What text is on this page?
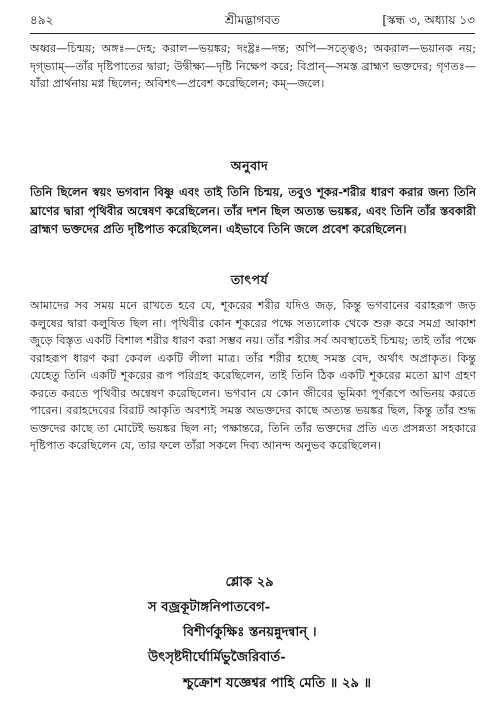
৪৯২	শ্রীমদ্ভাগবত	[স্কন্ধ ৩, অধ্যায় ১৩

অধ্বর—চিন্ময়; অঙ্গঃ—দেহ; করাল—ভয়ঙ্কর; দংষ্ট্রঃ—দন্ত; অপি—সত্ত্বেও; অকরাল—ভয়ানক নয়; দৃগ্‌ভ্যাম্—তাঁর দৃষ্টিপাতের দ্বারা; উদ্বীক্ষ্য—দৃষ্টি নিক্ষেপ করে; বিপ্রান্—সমস্ত ব্রাহ্মণ ভক্তদের; গৃণতঃ—যাঁরা প্রার্থনায় মগ্ন ছিলেন; অবিশৎ—প্রবেশ করেছিলেন; কম্—জলে।

অনুবাদ

তিনি ছিলেন স্বয়ং ভগবান বিষ্ণু এবং তাই তিনি চিন্ময়, তবুও শূকর-শরীর ধারণ করার জন্য তিনি ঘ্রাণের দ্বারা পৃথিবীর অন্বেষণ করেছিলেন। তাঁর দশন ছিল অত্যন্ত ভয়ঙ্কর, এবং তিনি তাঁর স্তবকারী ব্রাহ্মণ ভক্তদের প্রতি দৃষ্টিপাত করেছিলেন। এইভাবে তিনি জলে প্রবেশ করেছিলেন।

তাৎপর্য

আমাদের সব সময় মনে রাখতে হবে যে, শূকরের শরীর যদিও জড়, কিন্তু ভগবানের বরাহরূপ জড় কলুষের দ্বারা কলুষিত ছিল না। পৃথিবীর কোন শূকরের পক্ষে সত্যলোক থেকে শুরু করে সমগ্র আকাশ জুড়ে বিস্তৃত একটি বিশাল শরীর ধারণ করা সম্ভব নয়। তাঁর শরীর সর্ব অবস্থাতেই চিন্ময়; তাই তাঁর পক্ষে বরাহরূপ ধারণ করা কেবল একটি লীলা মাত্র। তাঁর শরীর হচ্ছে সমস্ত বেদ, অর্থাৎ অপ্রাকৃত। কিন্তু যেহেতু তিনি একটি শূকরের রূপ পরিগ্রহ করেছিলেন, তাই তিনি ঠিক একটি শূকরের মতো ঘ্রাণ গ্রহণ করতে করতে পৃথিবীর অন্বেষণ করেছিলেন। ভগবান যে কোন জীবের ভূমিকা পূর্ণরূপে অভিনয় করতে পারেন। বরাহদেবের বিরাট আকৃতি অবশ্যই সমস্ত অভক্তদের কাছে অত্যন্ত ভয়ঙ্কর ছিল, কিন্তু তাঁর শুদ্ধ ভক্তদের কাছে তা মোটেই ভয়ঙ্কর ছিল না; পক্ষান্তরে, তিনি তাঁর ভক্তদের প্রতি এত প্রসন্নতা সহকারে দৃষ্টিপাত করেছিলেন যে, তার ফলে তাঁরা সকলে দিব্য আনন্দ অনুভব করেছিলেন।

শ্লোক ২৯
স বজ্রকূটাঙ্গনিপাতবেগ-
বিশীর্ণকুক্ষিঃ স্তনয়ন্নুদন্বান্ ।
উৎসৃষ্টদীর্ঘোর্মিভুজৈরিবার্ত-
শ্চুক্রোশ যজ্ঞেশ্বর পাহি মেতি ॥ ২৯ ॥
